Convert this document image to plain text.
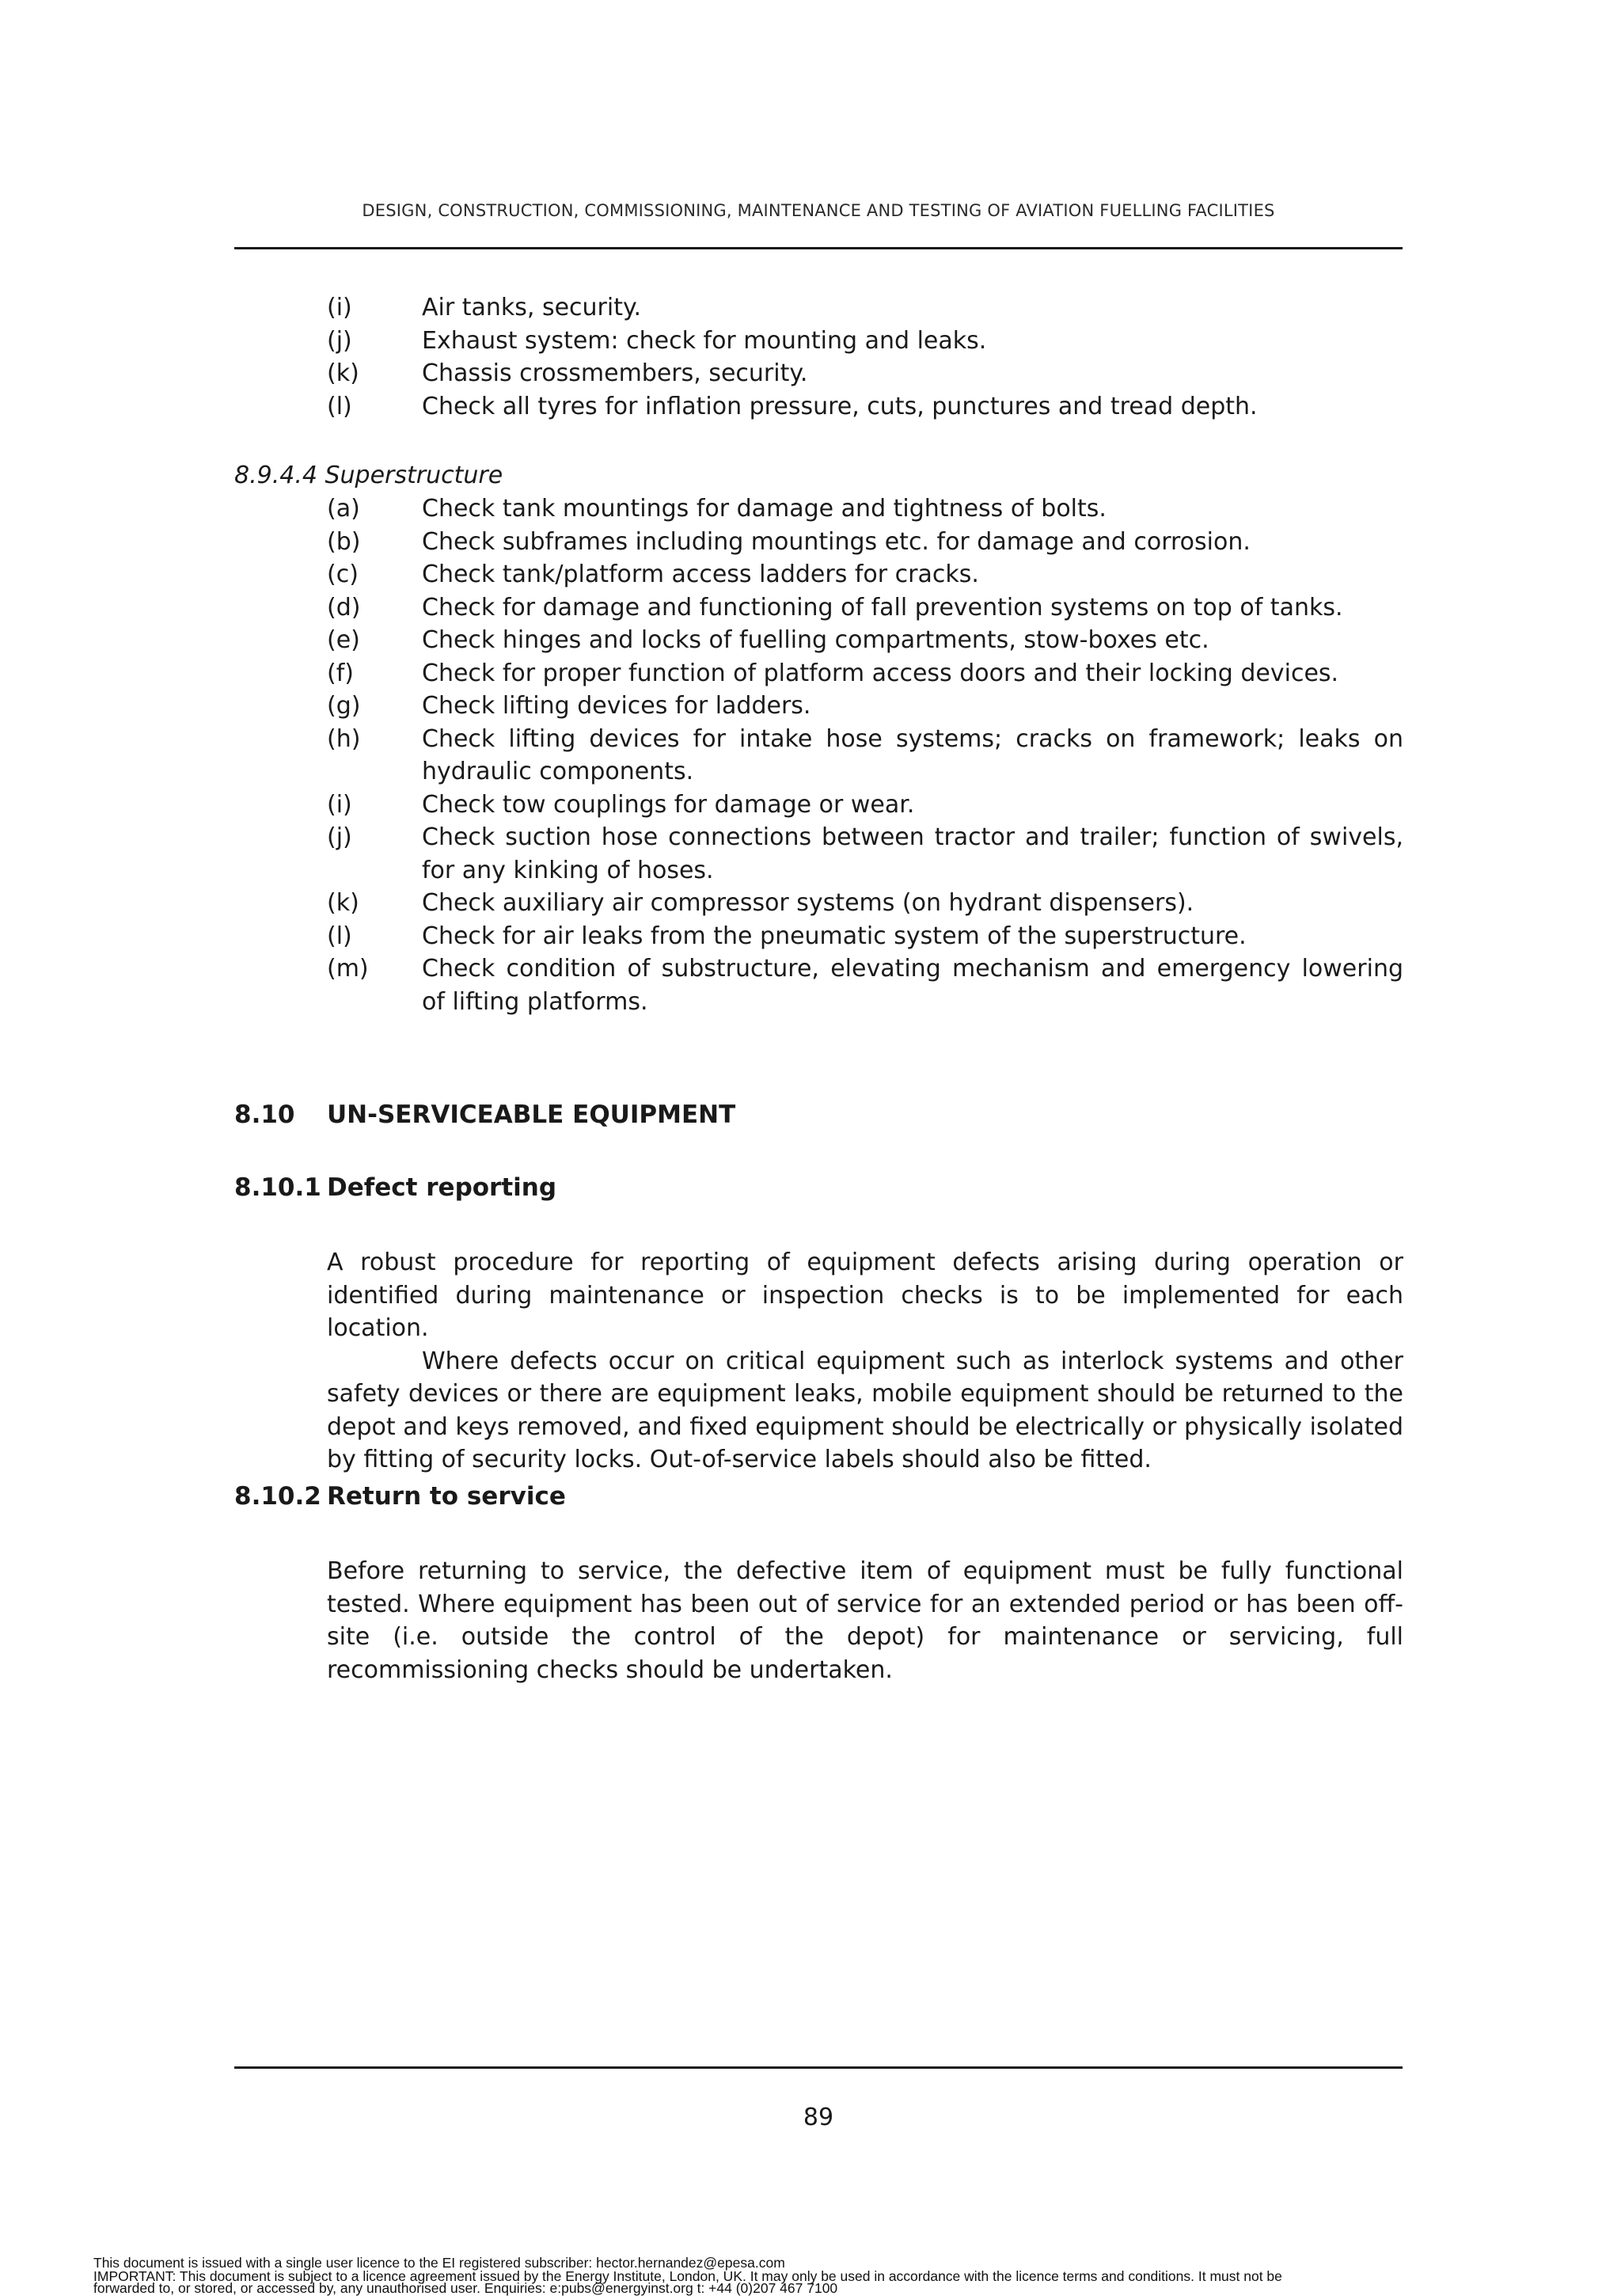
DESIGN, CONSTRUCTION, COMMISSIONING, MAINTENANCE AND TESTING OF AVIATION FUELLING FACILITIES
(i)	Air tanks, security.
(j)	Exhaust system: check for mounting and leaks.
(k)	Chassis crossmembers, security.
(l)	Check all tyres for inflation pressure, cuts, punctures and tread depth.
8.9.4.4 Superstructure
(a)	Check tank mountings for damage and tightness of bolts.
(b)	Check subframes including mountings etc. for damage and corrosion.
(c)	Check tank/platform access ladders for cracks.
(d)	Check for damage and functioning of fall prevention systems on top of tanks.
(e)	Check hinges and locks of fuelling compartments, stow-boxes etc.
(f)	Check for proper function of platform access doors and their locking devices.
(g)	Check lifting devices for ladders.
(h)	Check lifting devices for intake hose systems; cracks on framework; leaks on hydraulic components.
(i)	Check tow couplings for damage or wear.
(j)	Check suction hose connections between tractor and trailer; function of swivels, for any kinking of hoses.
(k)	Check auxiliary air compressor systems (on hydrant dispensers).
(l)	Check for air leaks from the pneumatic system of the superstructure.
(m)	Check condition of substructure, elevating mechanism and emergency lowering of lifting platforms.
8.10	UN-SERVICEABLE EQUIPMENT
8.10.1 Defect reporting

A robust procedure for reporting of equipment defects arising during operation or identified during maintenance or inspection checks is to be implemented for each location.

Where defects occur on critical equipment such as interlock systems and other safety devices or there are equipment leaks, mobile equipment should be returned to the depot and keys removed, and fixed equipment should be electrically or physically isolated by fitting of security locks. Out-of-service labels should also be fitted.

8.10.2 Return to service

Before returning to service, the defective item of equipment must be fully functional tested. Where equipment has been out of service for an extended period or has been off-site (i.e. outside the control of the depot) for maintenance or servicing, full recommissioning checks should be undertaken.

89
This document is issued with a single user licence to the EI registered subscriber: hector.hernandez@epesa.com
IMPORTANT: This document is subject to a licence agreement issued by the Energy Institute, London, UK. It may only be used in accordance with the licence terms and conditions. It must not be
forwarded to, or stored, or accessed by, any unauthorised user. Enquiries: e:pubs@energyinst.org t: +44 (0)207 467 7100
